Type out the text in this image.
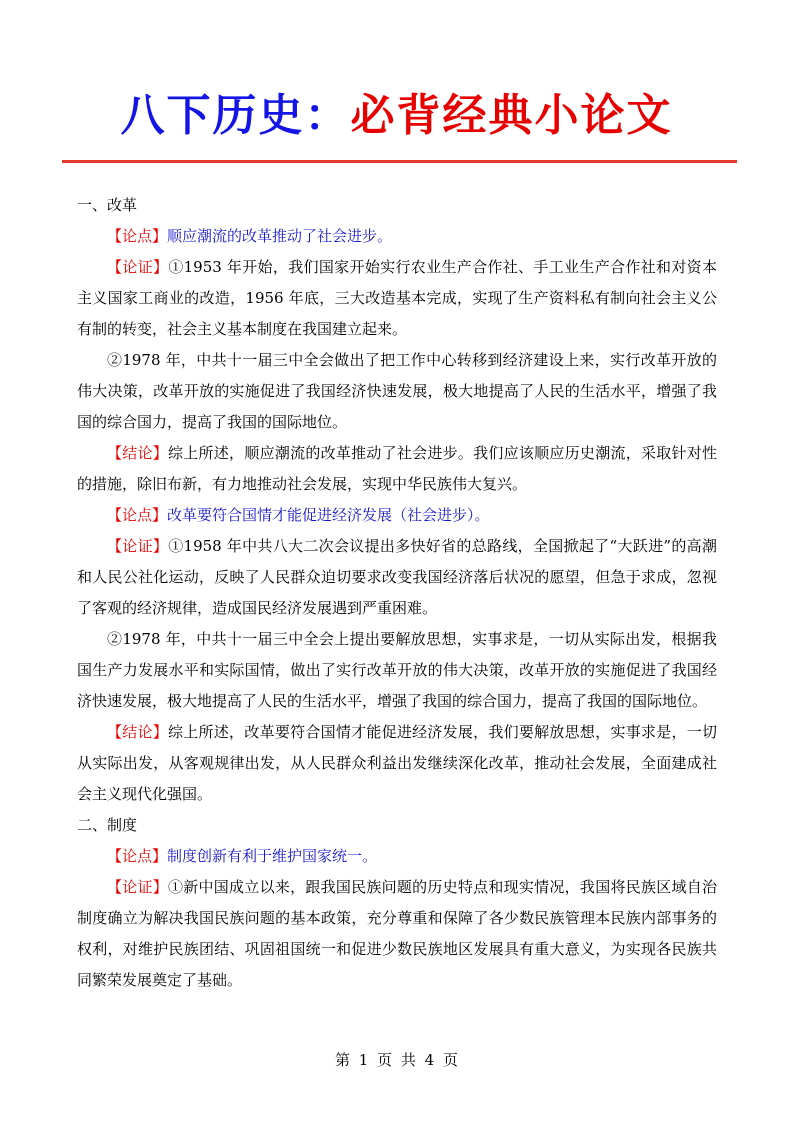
八下历史：必背经典小论文
一、改革

【论点】顺应潮流的改革推动了社会进步。

【论证】①1953 年开始，我们国家开始实行农业生产合作社、手工业生产合作社和对资本主义国家工商业的改造，1956 年底，三大改造基本完成，实现了生产资料私有制向社会主义公有制的转变，社会主义基本制度在我国建立起来。

②1978 年，中共十一届三中全会做出了把工作中心转移到经济建设上来，实行改革开放的伟大决策，改革开放的实施促进了我国经济快速发展，极大地提高了人民的生活水平，增强了我国的综合国力，提高了我国的国际地位。

【结论】综上所述，顺应潮流的改革推动了社会进步。我们应该顺应历史潮流，采取针对性的措施，除旧布新，有力地推动社会发展，实现中华民族伟大复兴。

【论点】改革要符合国情才能促进经济发展（社会进步）。

【论证】①1958 年中共八大二次会议提出多快好省的总路线，全国掀起了“大跃进”的高潮和人民公社化运动，反映了人民群众迫切要求改变我国经济落后状况的愿望，但急于求成，忽视了客观的经济规律，造成国民经济发展遇到严重困难。

②1978 年，中共十一届三中全会上提出要解放思想，实事求是，一切从实际出发，根据我国生产力发展水平和实际国情，做出了实行改革开放的伟大决策，改革开放的实施促进了我国经济快速发展，极大地提高了人民的生活水平，增强了我国的综合国力，提高了我国的国际地位。

【结论】综上所述，改革要符合国情才能促进经济发展，我们要解放思想，实事求是，一切从实际出发，从客观规律出发，从人民群众利益出发继续深化改革，推动社会发展，全面建成社会主义现代化强国。

二、制度

【论点】制度创新有利于维护国家统一。

【论证】①新中国成立以来，跟我国民族问题的历史特点和现实情况，我国将民族区域自治制度确立为解决我国民族问题的基本政策，充分尊重和保障了各少数民族管理本民族内部事务的权利，对维护民族团结、巩固祖国统一和促进少数民族地区发展具有重大意义，为实现各民族共同繁荣发展奠定了基础。

第 1 页 共 4 页
